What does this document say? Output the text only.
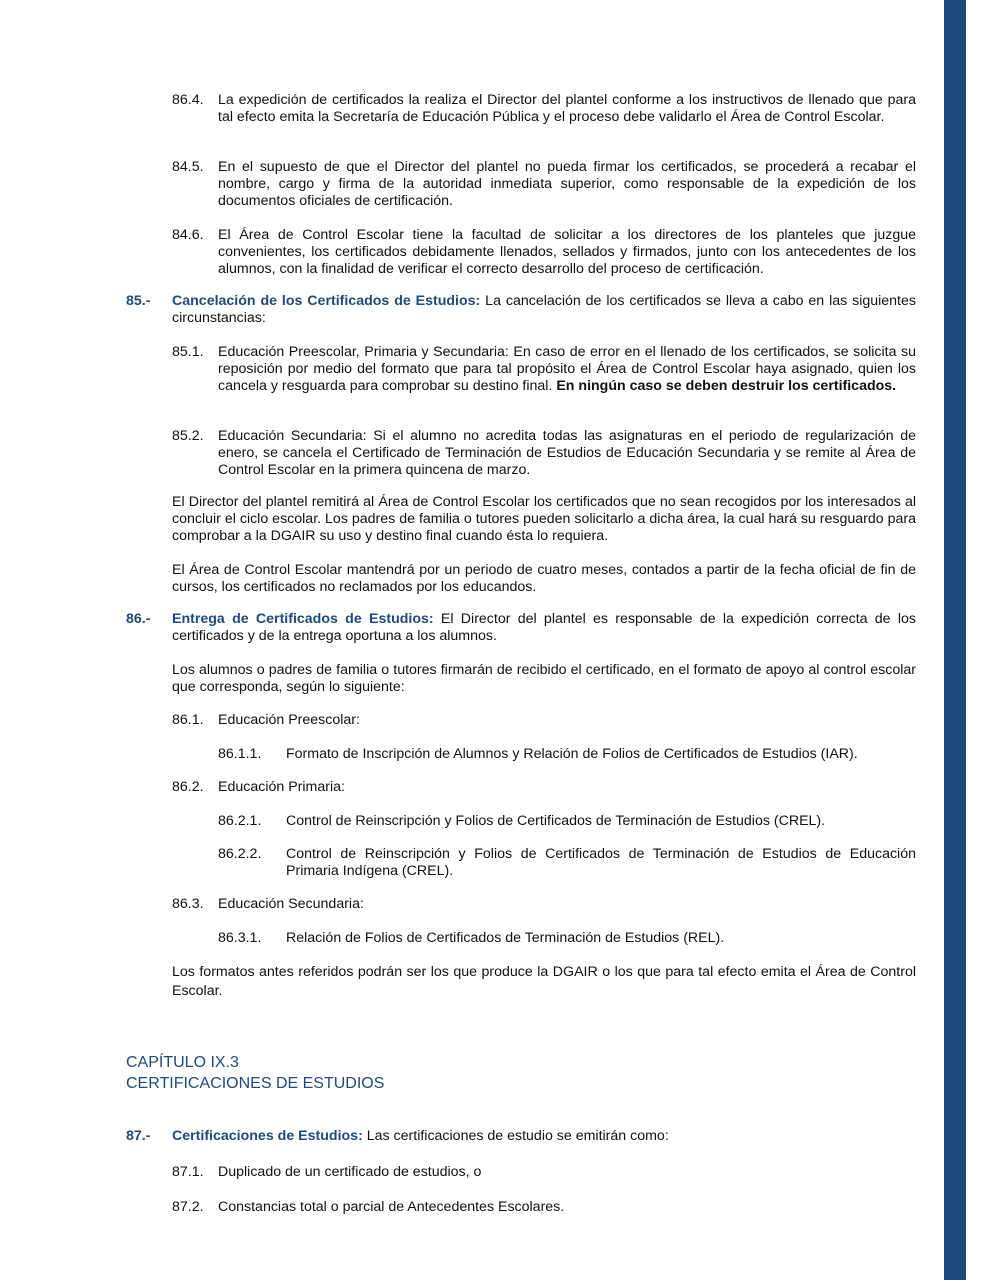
86.4. La expedición de certificados la realiza el Director del plantel conforme a los instructivos de llenado que para tal efecto emita la Secretaría de Educación Pública y el proceso debe validarlo el Área de Control Escolar.

84.5. En el supuesto de que el Director del plantel no pueda firmar los certificados, se procederá a recabar el nombre, cargo y firma de la autoridad inmediata superior, como responsable de la expedición de los documentos oficiales de certificación.

84.6. El Área de Control Escolar tiene la facultad de solicitar a los directores de los planteles que juzgue convenientes, los certificados debidamente llenados, sellados y firmados, junto con los antecedentes de los alumnos, con la finalidad de verificar el correcto desarrollo del proceso de certificación.

85.- Cancelación de los Certificados de Estudios: La cancelación de los certificados se lleva a cabo en las siguientes circunstancias:

85.1. Educación Preescolar, Primaria y Secundaria: En caso de error en el llenado de los certificados, se solicita su reposición por medio del formato que para tal propósito el Área de Control Escolar haya asignado, quien los cancela y resguarda para comprobar su destino final. En ningún caso se deben destruir los certificados.

85.2. Educación Secundaria: Si el alumno no acredita todas las asignaturas en el periodo de regularización de enero, se cancela el Certificado de Terminación de Estudios de Educación Secundaria y se remite al Área de Control Escolar en la primera quincena de marzo.

El Director del plantel remitirá al Área de Control Escolar los certificados que no sean recogidos por los interesados al concluir el ciclo escolar. Los padres de familia o tutores pueden solicitarlo a dicha área, la cual hará su resguardo para comprobar a la DGAIR su uso y destino final cuando ésta lo requiera.

El Área de Control Escolar mantendrá por un periodo de cuatro meses, contados a partir de la fecha oficial de fin de cursos, los certificados no reclamados por los educandos.

86.- Entrega de Certificados de Estudios: El Director del plantel es responsable de la expedición correcta de los certificados y de la entrega oportuna a los alumnos.

Los alumnos o padres de familia o tutores firmarán de recibido el certificado, en el formato de apoyo al control escolar que corresponda, según lo siguiente:

86.1. Educación Preescolar:

86.1.1. Formato de Inscripción de Alumnos y Relación de Folios de Certificados de Estudios (IAR).

86.2. Educación Primaria:

86.2.1. Control de Reinscripción y Folios de Certificados de Terminación de Estudios (CREL).

86.2.2. Control de Reinscripción y Folios de Certificados de Terminación de Estudios de Educación Primaria Indígena (CREL).

86.3. Educación Secundaria:

86.3.1. Relación de Folios de Certificados de Terminación de Estudios (REL).

Los formatos antes referidos podrán ser los que produce la DGAIR o los que para tal efecto emita el Área de Control Escolar.

CAPÍTULO IX.3
CERTIFICACIONES DE ESTUDIOS
87.- Certificaciones de Estudios: Las certificaciones de estudio se emitirán como:

87.1. Duplicado de un certificado de estudios, o

87.2. Constancias total o parcial de Antecedentes Escolares.
